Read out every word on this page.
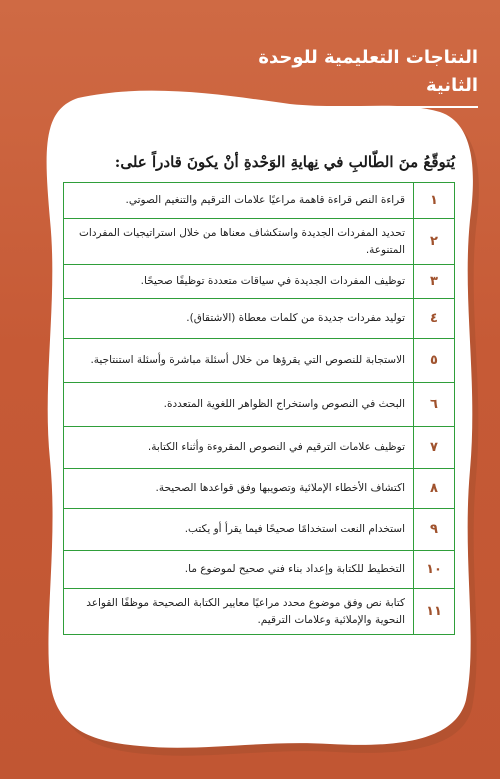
النتاجات التعليمية للوحدة الثانية

يُتوقّعُ منَ الطّالبِ في نِهايةِ الوَحْدةِ أنْ يكونَ قادراً على:

١	قراءة النص قراءة قاهمة مراعيًا علامات الترقيم والتنغيم الصوتي.
٢	تحديد المفردات الجديدة واستكشاف معناها من خلال استراتيجيات المفردات المتنوعة.
٣	توظيف المفردات الجديدة في سياقات متعددة توظيفًا صحيحًا.
٤	توليد مفردات جديدة من كلمات معطاة (الاشتقاق).
٥	الاستجابة للنصوص التي يقرؤها من خلال أسئلة مباشرة وأسئلة استنتاجية.
٦	البحث في النصوص واستخراج الظواهر اللغوية المتعددة.
٧	توظيف علامات الترقيم في النصوص المقروءة وأثناء الكتابة.
٨	اكتشاف الأخطاء الإملائية وتصويبها وفق قواعدها الصحيحة.
٩	استخدام النعت استخدامًا صحيحًا فيما يقرأ أو يكتب.
١٠	التخطيط للكتابة وإعداد بناء فني صحيح لموضوع ما.
١١	كتابة نص وفق موضوع محدد مراعيًا معايير الكتابة الصحيحة موظفًا القواعد النحوية والإملائية وعلامات الترقيم.
